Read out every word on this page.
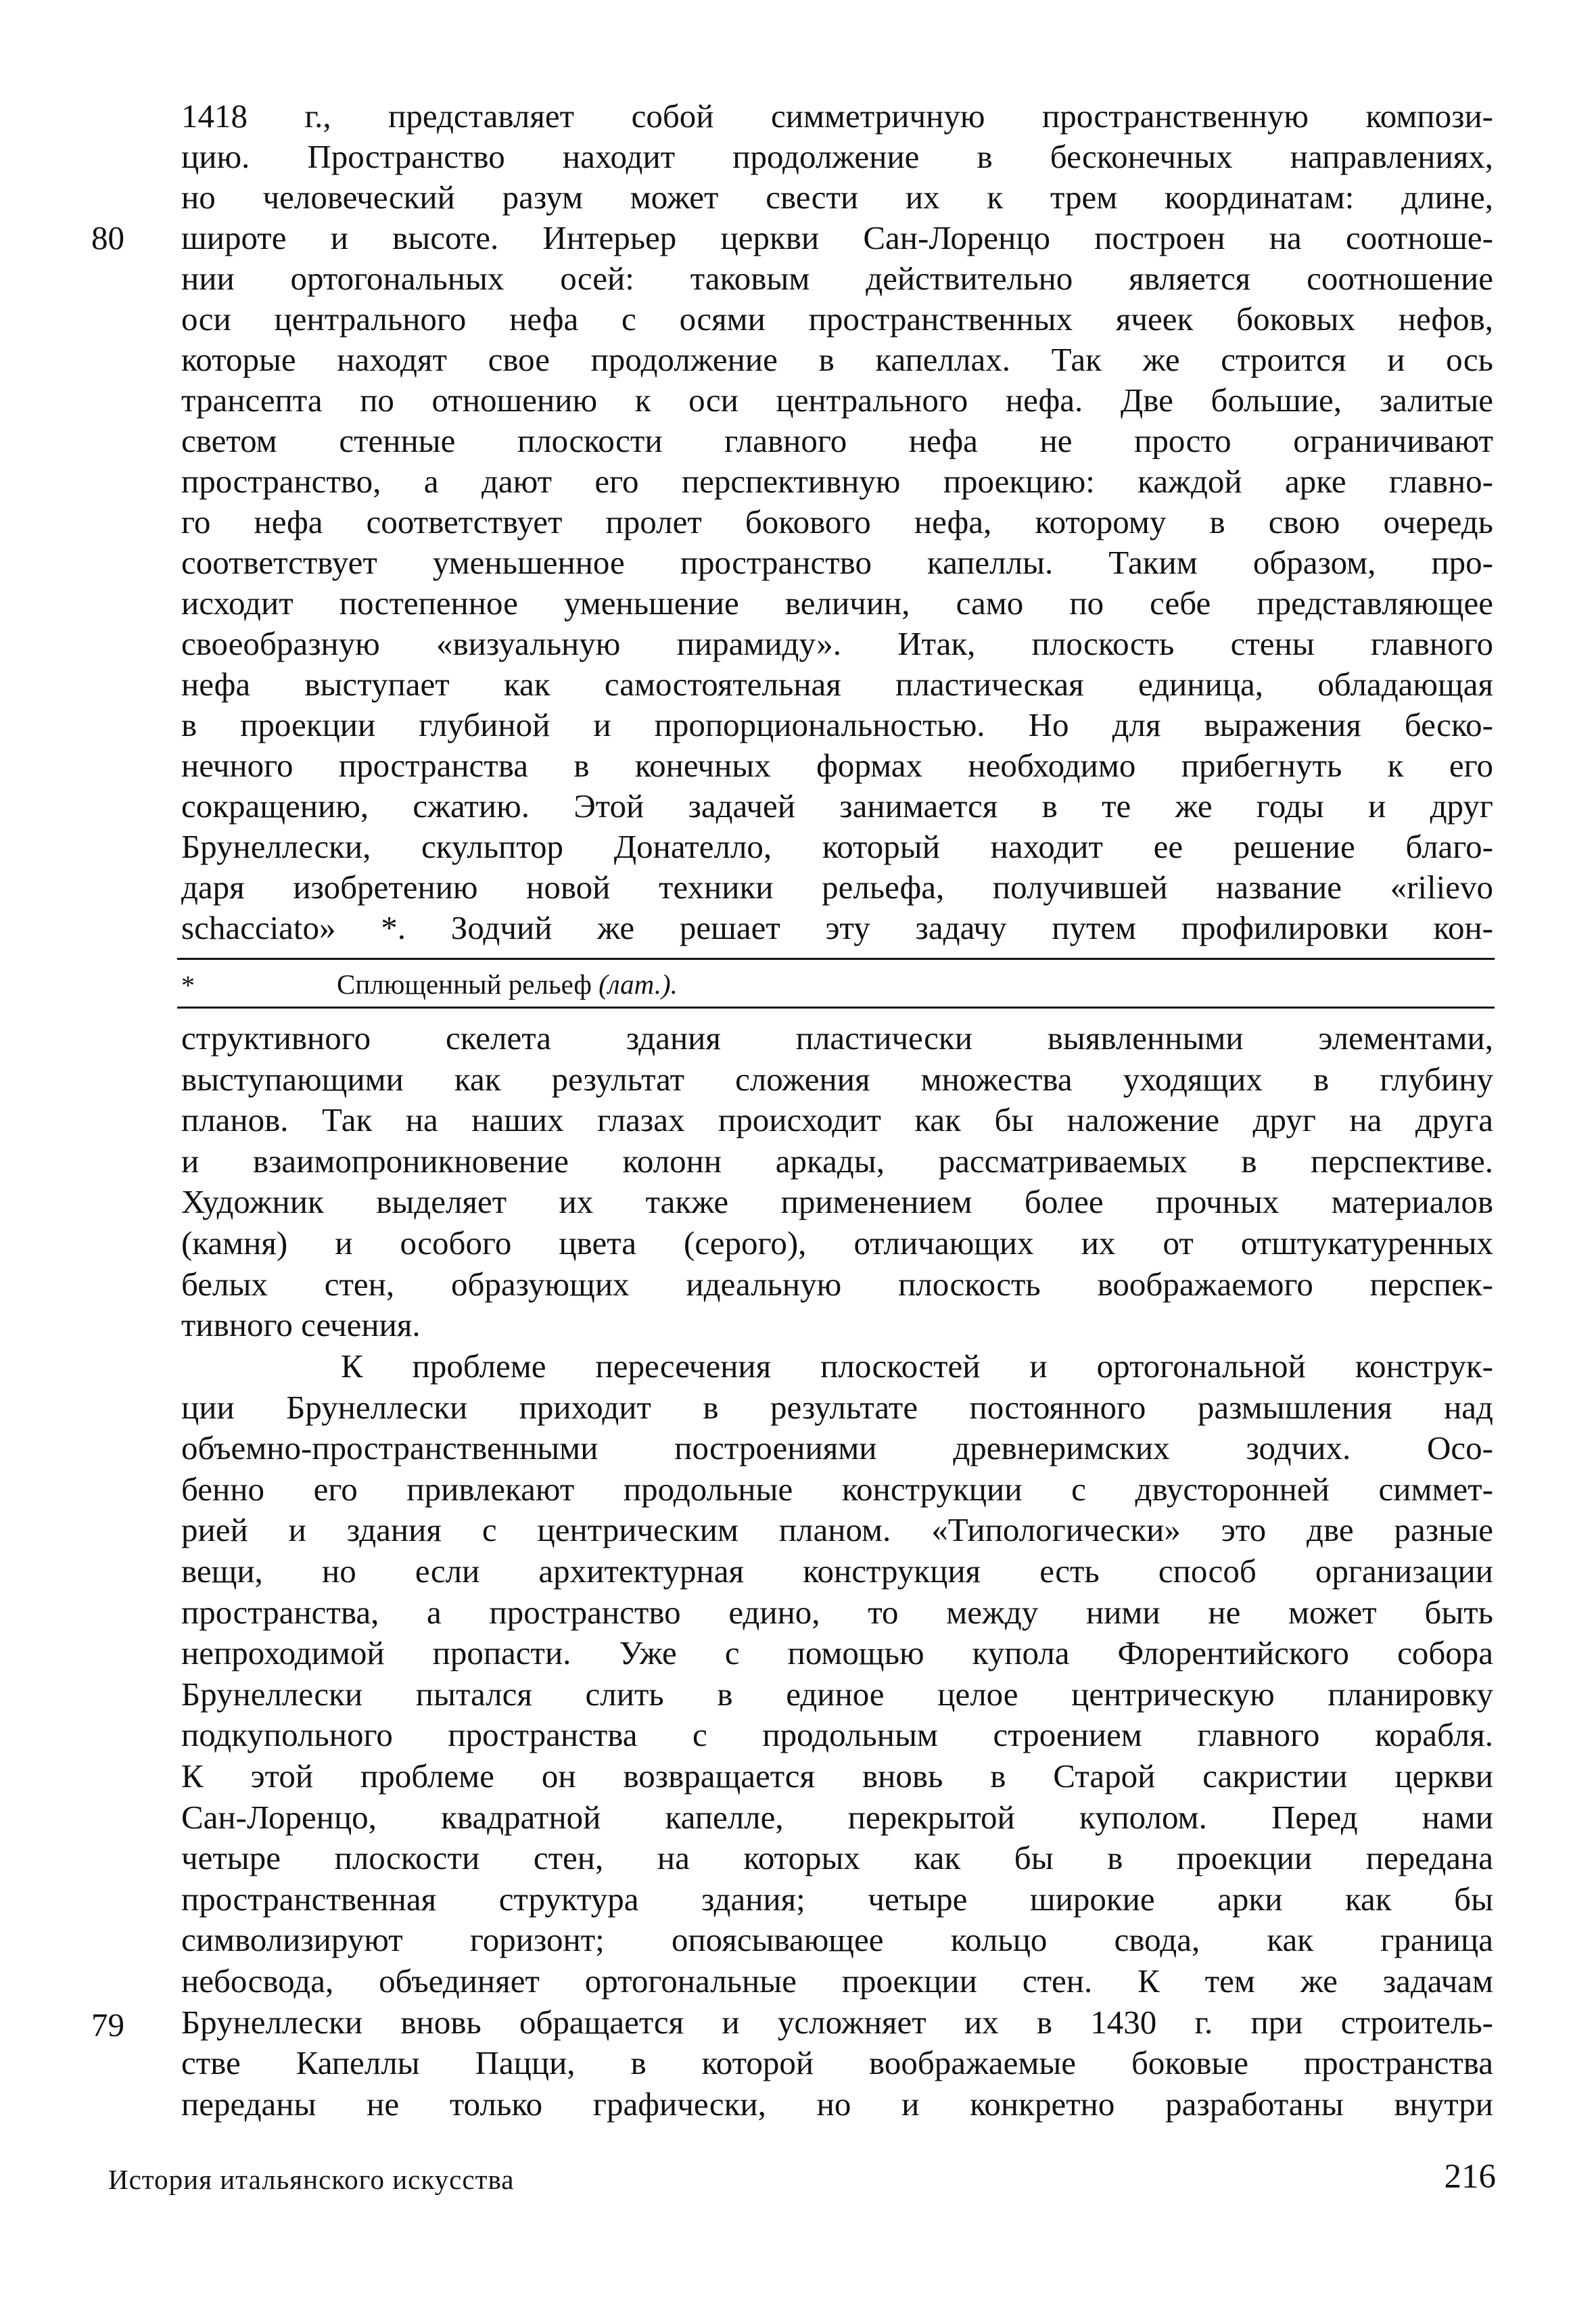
1418 г., представляет собой симметричную пространственную компози-
цию. Пространство находит продолжение в бесконечных направлениях,
но человеческий разум может свести их к трем координатам: длине,
широте и высоте. Интерьер церкви Сан-Лоренцо построен на соотноше-
нии ортогональных осей: таковым действительно является соотношение
оси центрального нефа с осями пространственных ячеек боковых нефов,
которые находят свое продолжение в капеллах. Так же строится и ось
трансепта по отношению к оси центрального нефа. Две большие, залитые
светом стенные плоскости главного нефа не просто ограничивают
пространство, а дают его перспективную проекцию: каждой арке главно-
го нефа соответствует пролет бокового нефа, которому в свою очередь
соответствует уменьшенное пространство капеллы. Таким образом, про-
исходит постепенное уменьшение величин, само по себе представляющее
своеобразную «визуальную пирамиду». Итак, плоскость стены главного
нефа выступает как самостоятельная пластическая единица, обладающая
в проекции глубиной и пропорциональностью. Но для выражения беско-
нечного пространства в конечных формах необходимо прибегнуть к его
сокращению, сжатию. Этой задачей занимается в те же годы и друг
Брунеллески, скульптор Донателло, который находит ее решение благо-
даря изобретению новой техники рельефа, получившей название «rilievo
schacciato» *. Зодчий же решает эту задачу путем профилировки кон-
80
*	Сплющенный рельеф (лат.).
структивного скелета здания пластически выявленными элементами,
выступающими как результат сложения множества уходящих в глубину
планов. Так на наших глазах происходит как бы наложение друг на друга
и взаимопроникновение колонн аркады, рассматриваемых в перспективе.
Художник выделяет их также применением более прочных материалов
(камня) и особого цвета (серого), отличающих их от отштукатуренных
белых стен, образующих идеальную плоскость воображаемого перспек-
тивного сечения.
К проблеме пересечения плоскостей и ортогональной конструк-
ции Брунеллески приходит в результате постоянного размышления над
объемно-пространственными построениями древнеримских зодчих. Осо-
бенно его привлекают продольные конструкции с двусторонней симмет-
рией и здания с центрическим планом. «Типологически» это две разные
вещи, но если архитектурная конструкция есть способ организации
пространства, а пространство едино, то между ними не может быть
непроходимой пропасти. Уже с помощью купола Флорентийского собора
Брунеллески пытался слить в единое целое центрическую планировку
подкупольного пространства с продольным строением главного корабля.
К этой проблеме он возвращается вновь в Старой сакристии церкви
Сан-Лоренцо, квадратной капелле, перекрытой куполом. Перед нами
четыре плоскости стен, на которых как бы в проекции передана
пространственная структура здания; четыре широкие арки как бы
символизируют горизонт; опоясывающее кольцо свода, как граница
небосвода, объединяет ортогональные проекции стен. К тем же задачам
Брунеллески вновь обращается и усложняет их в 1430 г. при строитель-
стве Капеллы Пацци, в которой воображаемые боковые пространства
переданы не только графически, но и конкретно разработаны внутри
79
История итальянского искусства	216
